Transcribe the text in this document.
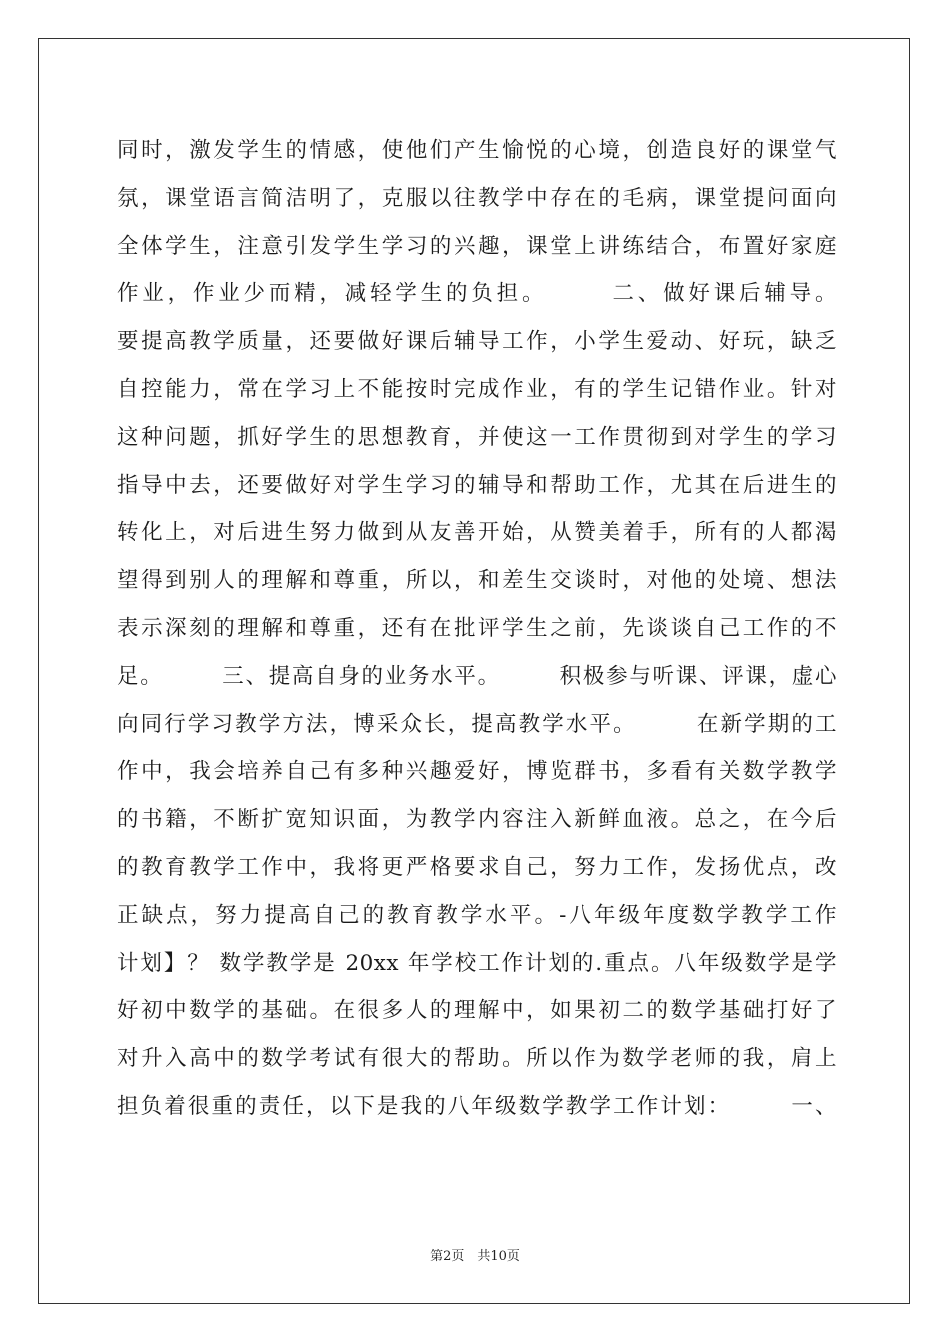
同时，激发学生的情感，使他们产生愉悦的心境，创造良好的课堂气
氛，课堂语言简洁明了，克服以往教学中存在的毛病，课堂提问面向
全体学生，注意引发学生学习的兴趣，课堂上讲练结合，布置好家庭
作业，作业少而精，减轻学生的负担。　　　二、做好课后辅导。
要提高教学质量，还要做好课后辅导工作，小学生爱动、好玩，缺乏
自控能力，常在学习上不能按时完成作业，有的学生记错作业。针对
这种问题，抓好学生的思想教育，并使这一工作贯彻到对学生的学习
指导中去，还要做好对学生学习的辅导和帮助工作，尤其在后进生的
转化上，对后进生努力做到从友善开始，从赞美着手，所有的人都渴
望得到别人的理解和尊重，所以，和差生交谈时，对他的处境、想法
表示深刻的理解和尊重，还有在批评学生之前，先谈谈自己工作的不
足。　　　三、提高自身的业务水平。　　　积极参与听课、评课，虚心
向同行学习教学方法，博采众长，提高教学水平。　　　在新学期的工
作中，我会培养自己有多种兴趣爱好，博览群书，多看有关数学教学
的书籍，不断扩宽知识面，为教学内容注入新鲜血液。总之，在今后
的教育教学工作中，我将更严格要求自己，努力工作，发扬优点，改
正缺点，努力提高自己的教育教学水平。-八年级年度数学教学工作
计划】？ 数学教学是 20xx 年学校工作计划的.重点。八年级数学是学
好初中数学的基础。在很多人的理解中，如果初二的数学基础打好了
对升入高中的数学考试有很大的帮助。所以作为数学老师的我，肩上
担负着很重的责任，以下是我的八年级数学教学工作计划：　　　一、
第2页　共10页
